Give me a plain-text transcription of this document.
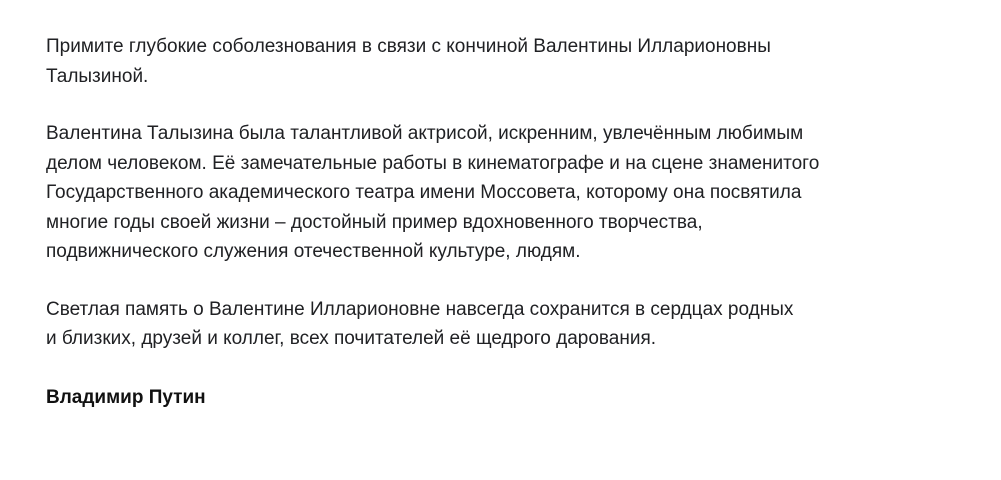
Примите глубокие соболезнования в связи с кончиной Валентины Илларионовны
Талызиной.

Валентина Талызина была талантливой актрисой, искренним, увлечённым любимым
делом человеком. Её замечательные работы в кинематографе и на сцене знаменитого
Государственного академического театра имени Моссовета, которому она посвятила
многие годы своей жизни – достойный пример вдохновенного творчества,
подвижнического служения отечественной культуре, людям.

Светлая память о Валентине Илларионовне навсегда сохранится в сердцах родных
и близких, друзей и коллег, всех почитателей её щедрого дарования.

Владимир Путин
